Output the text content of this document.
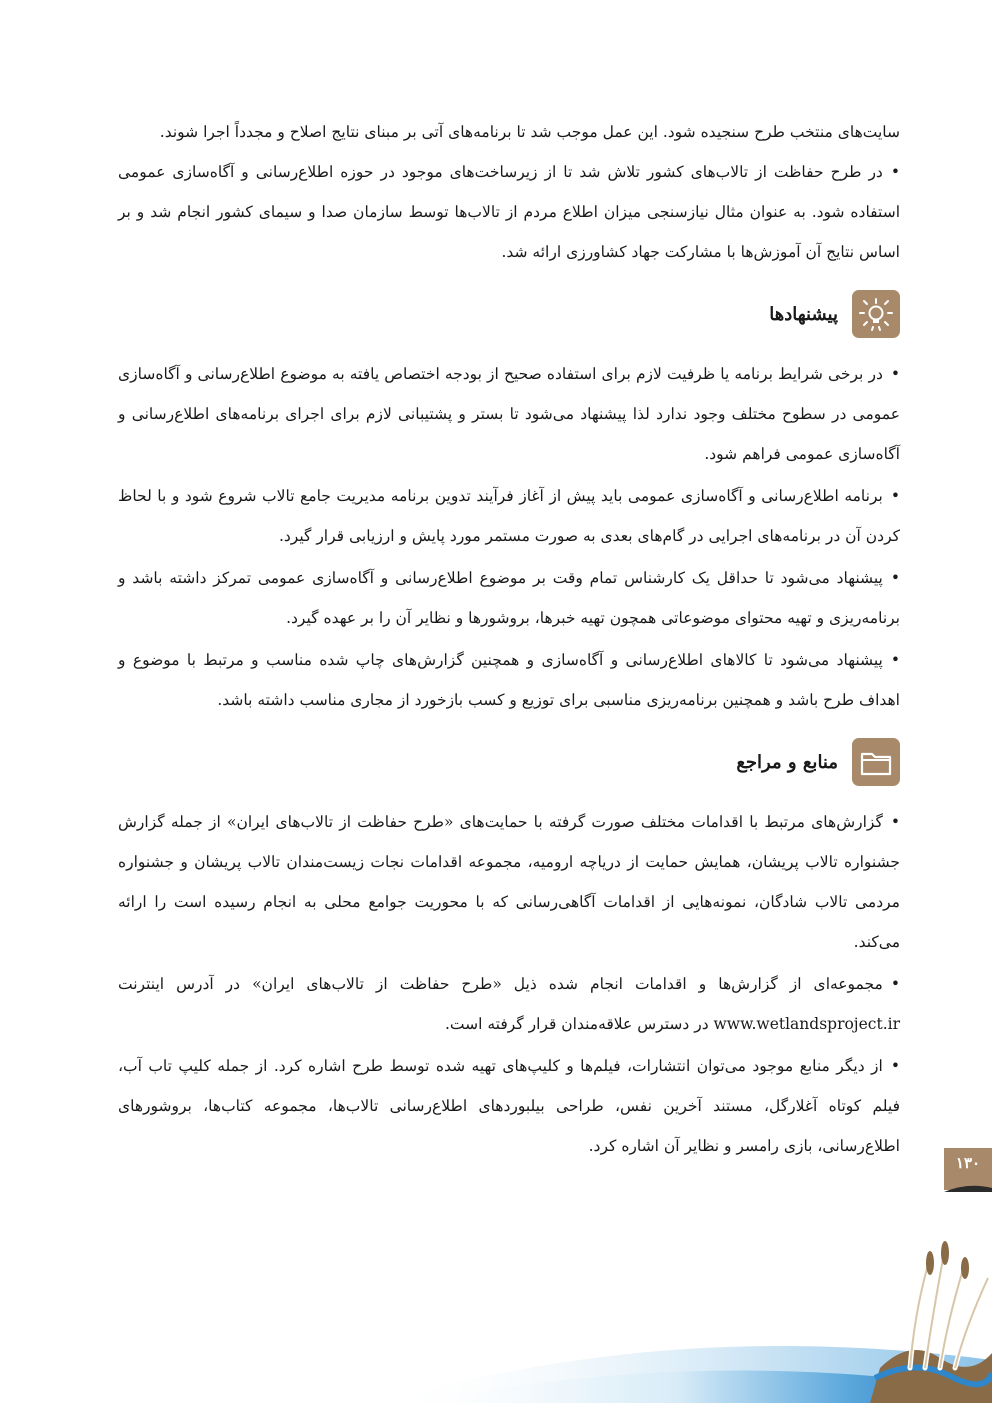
سایت‌های منتخب طرح سنجیده شود. این عمل موجب شد تا برنامه‌های آتی بر مبنای نتایج اصلاح و مجدداً اجرا شوند.

•در طرح حفاظت از تالاب‌های کشور تلاش شد تا از زیرساخت‌های موجود در حوزه اطلاع‌رسانی و آگاه‌سازی عمومی استفاده شود. به عنوان مثال نیازسنجی میزان اطلاع مردم از تالاب‌ها توسط سازمان صدا و سیمای کشور انجام شد و بر اساس نتایج آن آموزش‌ها با مشارکت جهاد کشاورزی ارائه شد.

پیشنهادها

•در برخی شرایط برنامه یا ظرفیت لازم برای استفاده صحیح از بودجه اختصاص یافته به موضوع اطلاع‌رسانی و آگاه‌سازی عمومی در سطوح مختلف وجود ندارد لذا پیشنهاد می‌شود تا بستر و پشتیبانی لازم برای اجرای برنامه‌های اطلاع‌رسانی و آگاه‌سازی عمومی فراهم شود.

•برنامه اطلاع‌رسانی و آگاه‌سازی عمومی باید پیش از آغاز فرآیند تدوین برنامه مدیریت جامع تالاب شروع شود و با لحاظ کردن آن در برنامه‌های اجرایی در گام‌های بعدی به صورت مستمر مورد پایش و ارزیابی قرار گیرد.

•پیشنهاد می‌شود تا حداقل یک کارشناس تمام وقت بر موضوع اطلاع‌رسانی و آگاه‌سازی عمومی تمرکز داشته باشد و برنامه‌ریزی و تهیه محتوای موضوعاتی همچون تهیه خبرها، بروشورها و نظایر آن را بر عهده گیرد.

•پیشنهاد می‌شود تا کالاهای اطلاع‌رسانی و آگاه‌سازی و همچنین گزارش‌های چاپ شده مناسب و مرتبط با موضوع و اهداف طرح باشد و همچنین برنامه‌ریزی مناسبی برای توزیع و کسب بازخورد از مجاری مناسب داشته باشد.

منابع و مراجع

•گزارش‌های مرتبط با اقدامات مختلف صورت گرفته با حمایت‌های «طرح حفاظت از تالاب‌های ایران» از جمله گزارش جشنواره تالاب پریشان، همایش حمایت از دریاچه ارومیه، مجموعه اقدامات نجات زیست‌مندان تالاب پریشان و جشنواره مردمی تالاب شادگان، نمونه‌هایی از اقدامات آگاهی‌رسانی که با محوریت جوامع محلی به انجام رسیده است را ارائه می‌کند.

•مجموعه‌ای از گزارش‌ها و اقدامات انجام شده ذیل «طرح حفاظت از تالاب‌های ایران» در آدرس اینترنت www.wetlandsproject.ir در دسترس علاقه‌مندان قرار گرفته است.

•از دیگر منابع موجود می‌توان انتشارات، فیلم‌ها و کلیپ‌های تهیه شده توسط طرح اشاره کرد. از جمله کلیپ تاب آب، فیلم کوتاه آغلارگل، مستند آخرین نفس، طراحی بیلبوردهای اطلاع‌رسانی تالاب‌ها، مجموعه کتاب‌ها، بروشورهای اطلاع‌رسانی، بازی رامسر و نظایر آن اشاره کرد.

۱۳۰
